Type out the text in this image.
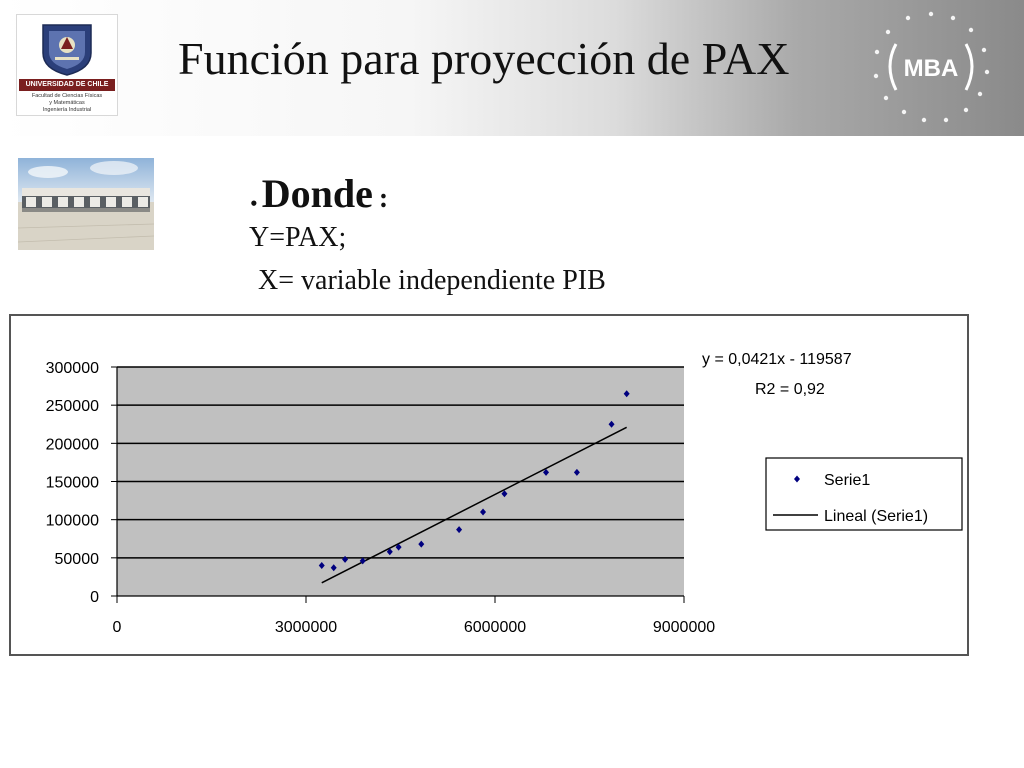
UNIVERSIDAD DE CHILE
Facultad de Ciencias Físicas
y Matemáticas
Ingeniería Industrial
Función para proyección de PAX	MBA
• Donde :
Y=PAX;
X= variable independiente PIB
0
50000
100000
150000
200000
250000
300000
0	3000000	6000000	9000000
y = 0,0421x - 119587
R2 = 0,92
Serie1
Lineal (Serie1)
